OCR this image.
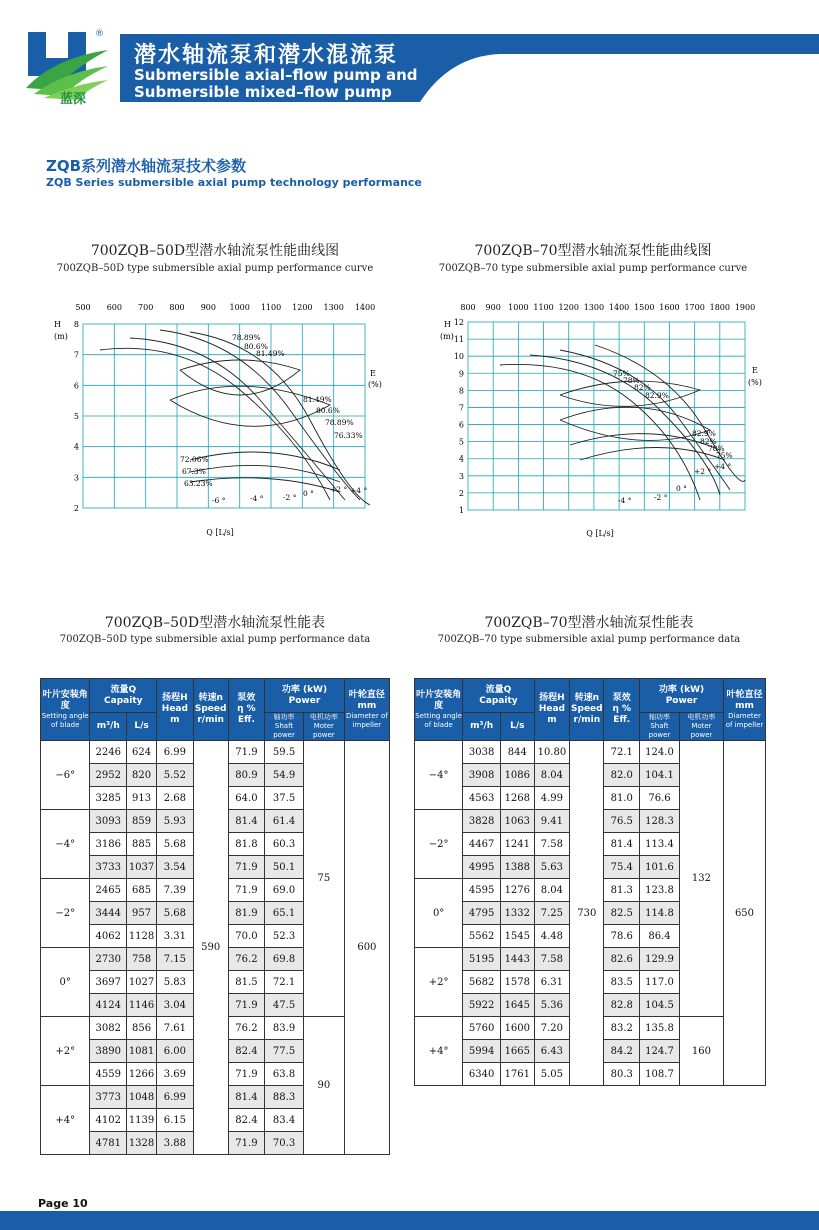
®
蓝深
潜水轴流泵和潜水混流泵
Submersible axial–flow pump and
Submersible mixed–flow pump
ZQB系列潜水轴流泵技术参数
ZQB Series submersible axial pump technology performance
700ZQB–50D型潜水轴流泵性能曲线图
700ZQB–50D type submersible axial pump performance curve
H
(m)
E
(%)
Q [L/s]
500 600 700 800 900 1000 1100 1200 1300 1400
2
3
4
5
6
7
8
78.89%
80.6%
81.49%
81.49%
80.6%
78.89%
76.33%
72.06%
67.3%
63.23%
-6 °	-4 °	-2 ° 0 ° +2 ° +4 °
700ZQB–70型潜水轴流泵性能曲线图
700ZQB–70 type submersible axial pump performance curve
H
(m)
E
(%)
Q [L/s]
800 900 1000 1100 1200 1300 1400 1500 1600 1700 1800 1900
1
2
3
4
5
6
7
8
9
10
11
12
75%
78%
82%
82.9%
82.9%
82%
78%
75%
-4 °	-2 °
0 °
+2 °
+4 °
700ZQB–50D型潜水轴流泵性能表
700ZQB–50D type submersible axial pump performance data
700ZQB–70型潜水轴流泵性能表
700ZQB–70 type submersible axial pump performance data
叶片安装角度
Setting angle of blade	流量Q
Capaity		扬程H
Head
m	转速n
Speed
r/min	泵效
η %
Eff.	功率 (kW)
Power		叶轮直径
mm
Diameter of impeller

	m³/h	L/s				轴功率
Shaft power	电机功率
Moter power	

−6°	2246	624	6.99	590	71.9	59.5	75	600
	2952	820	5.52		80.9	54.9		
	3285	913	2.68		64.0	37.5		
−4°	3093	859	5.93		81.4	61.4		
	3186	885	5.68		81.8	60.3		
	3733	1037	3.54		71.9	50.1		
−2°	2465	685	7.39		71.9	69.0		
	3444	957	5.68		81.9	65.1		
	4062	1128	3.31		70.0	52.3		
0°	2730	758	7.15		76.2	69.8		
	3697	1027	5.83		81.5	72.1		
	4124	1146	3.04		71.9	47.5		
+2°	3082	856	7.61		76.2	83.9	90	
	3890	1081	6.00		82.4	77.5		
	4559	1266	3.69		71.9	63.8		
+4°	3773	1048	6.99		81.4	88.3		
	4102	1139	6.15		82.4	83.4		
	4781	1328	3.88		71.9	70.3		
叶片安装角度
Setting angle of blade	流量Q
Capaity		扬程H
Head
m	转速n
Speed
r/min	泵效
η %
Eff.	功率 (kW)
Power		叶轮直径
mm
Diameter of impeller

	m³/h	L/s				轴功率
Shaft power	电机功率
Moter power	

−4°	3038	844	10.80	730	72.1	124.0	132	650
	3908	1086	8.04		82.0	104.1		
	4563	1268	4.99		81.0	76.6		
−2°	3828	1063	9.41		76.5	128.3		
	4467	1241	7.58		81.4	113.4		
	4995	1388	5.63		75.4	101.6		
0°	4595	1276	8.04		81.3	123.8		
	4795	1332	7.25		82.5	114.8		
	5562	1545	4.48		78.6	86.4		
+2°	5195	1443	7.58		82.6	129.9		
	5682	1578	6.31		83.5	117.0		
	5922	1645	5.36		82.8	104.5		
+4°	5760	1600	7.20		83.2	135.8	160	
	5994	1665	6.43		84.2	124.7		
	6340	1761	5.05		80.3	108.7		
Page 10
